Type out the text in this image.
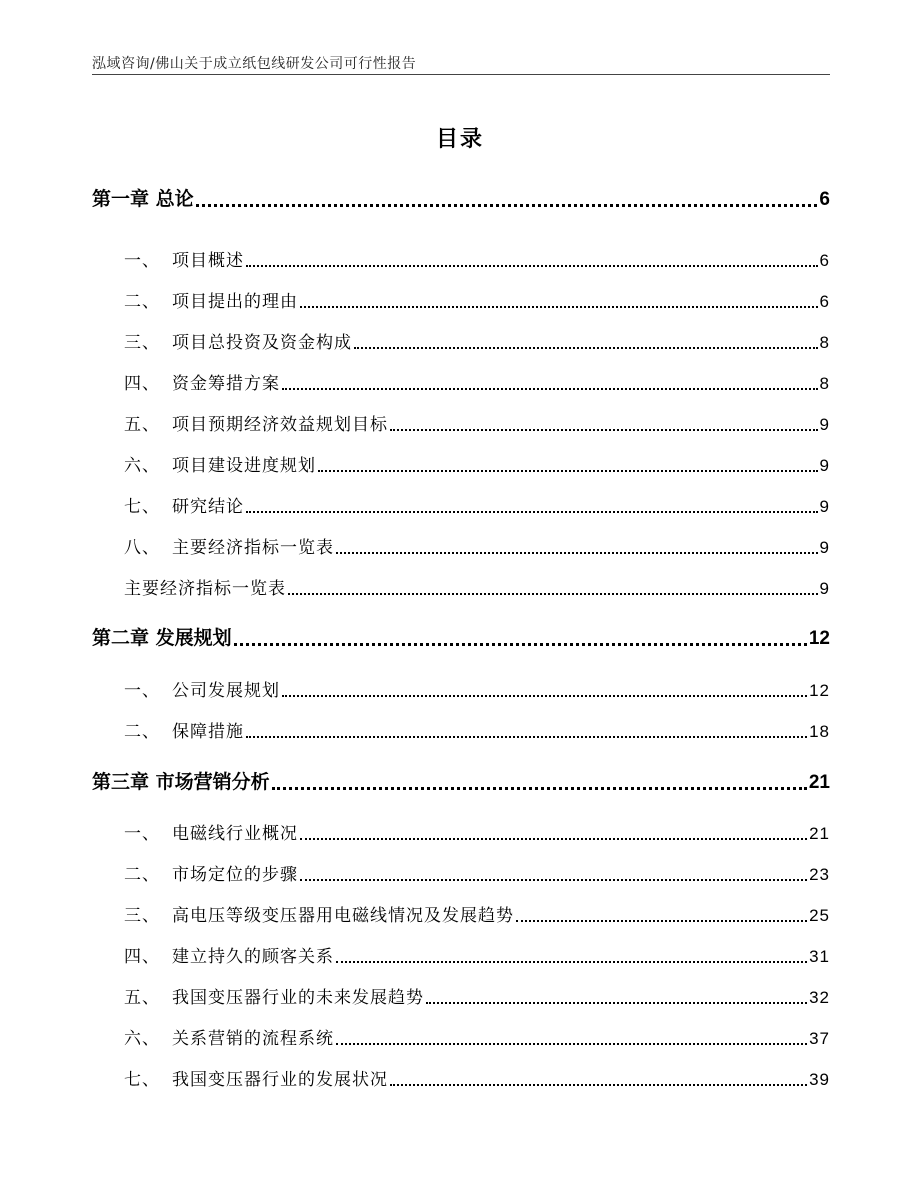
泓域咨询/佛山关于成立纸包线研发公司可行性报告
目录
第一章 总论	6
一、 项目概述	6
二、 项目提出的理由	6
三、 项目总投资及资金构成	8
四、 资金筹措方案	8
五、 项目预期经济效益规划目标	9
六、 项目建设进度规划	9
七、 研究结论	9
八、 主要经济指标一览表	9
主要经济指标一览表	9
第二章 发展规划	12
一、 公司发展规划	12
二、 保障措施	18
第三章 市场营销分析	21
一、 电磁线行业概况	21
二、 市场定位的步骤	23
三、 高电压等级变压器用电磁线情况及发展趋势	25
四、 建立持久的顾客关系	31
五、 我国变压器行业的未来发展趋势	32
六、 关系营销的流程系统	37
七、 我国变压器行业的发展状况	39
